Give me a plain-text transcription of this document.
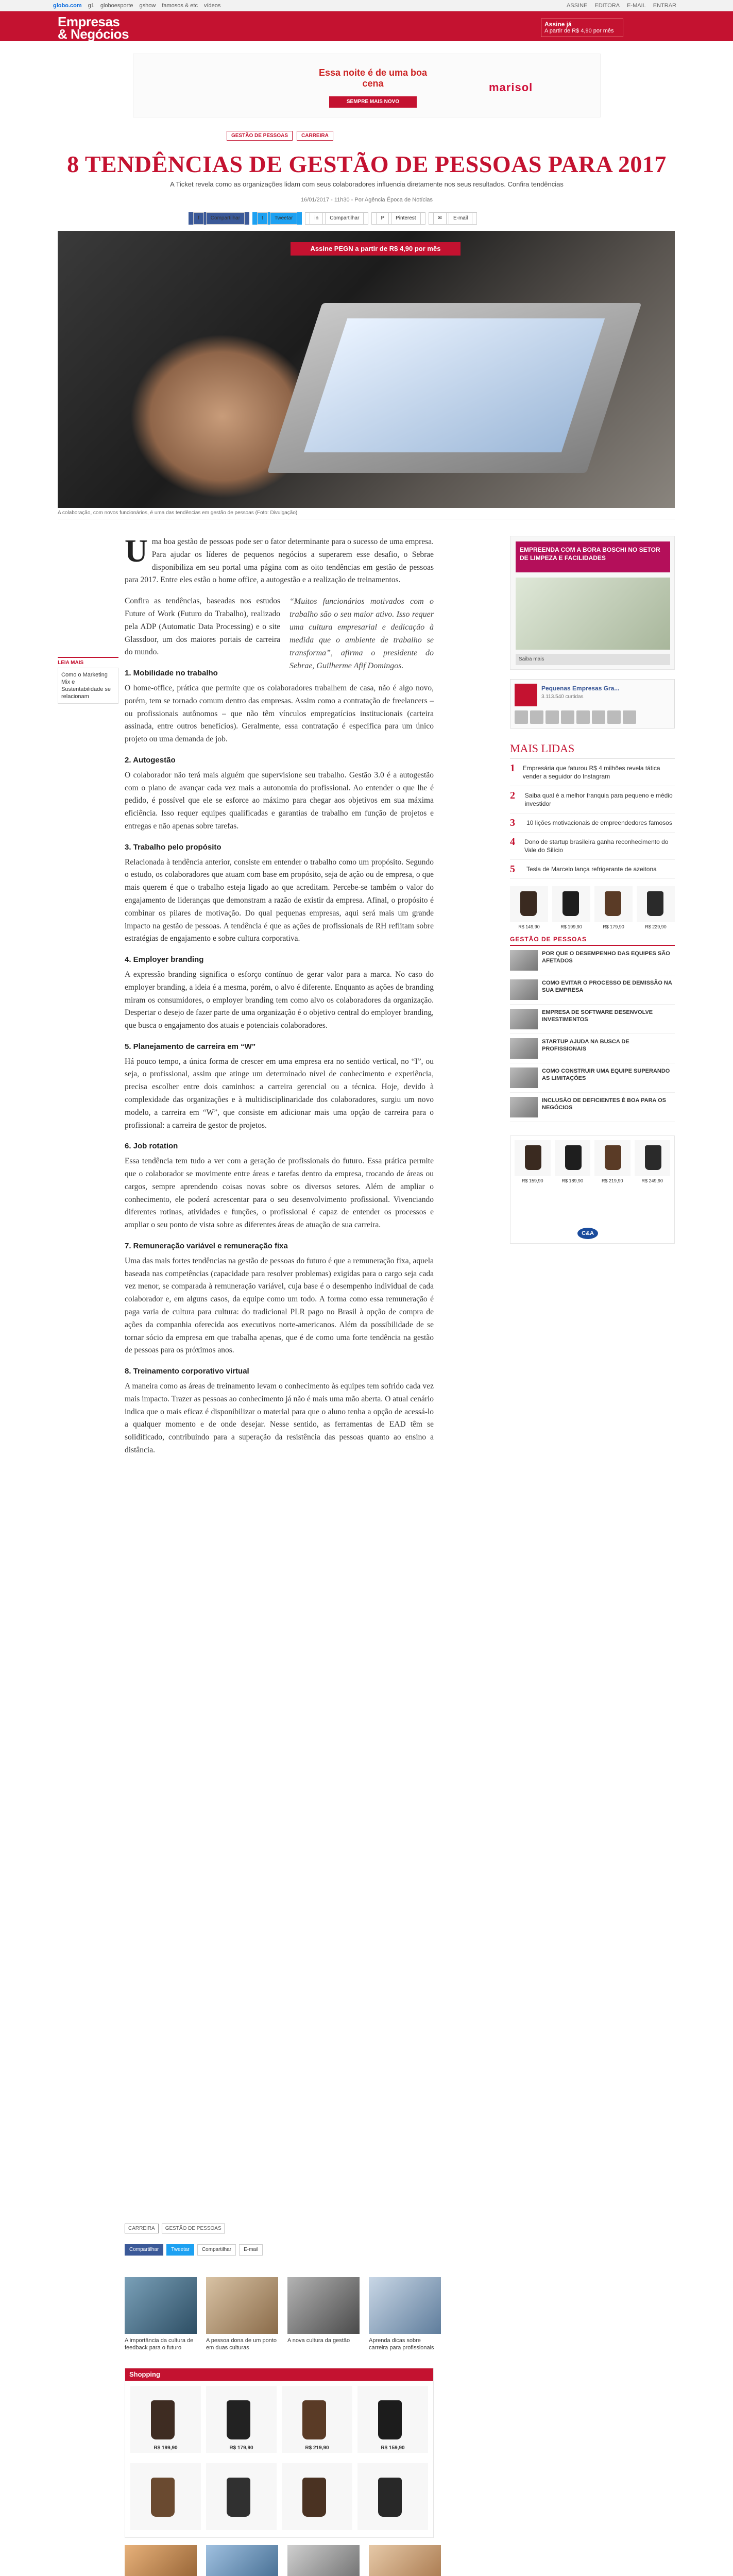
globo.com g1 globoesporte gshow famosos & etc vídeos	ASSINE EDITORA E-MAIL ENTRAR
Empresas
& Negócios
Assine já
A partir de R$ 4,90 por mês
Essa noite é de uma boa cena
SEMPRE MAIS NOVO
marisol
GESTÃO DE PESSOAS	CARREIRA
8 TENDÊNCIAS DE GESTÃO DE PESSOAS PARA 2017
A Ticket revela como as organizações lidam com seus colaboradores influencia diretamente nos seus resultados. Confira tendências
16/01/2017 - 11h30 - Por Agência Época de Notícias
f	Compartilhar	t	Tweetar	in	Compartilhar	P	Pinterest	✉	E-mail
Assine PEGN a partir de R$ 4,90 por mês
A colaboração, com novos funcionários, é uma das tendências em gestão de pessoas (Foto: Divulgação)
LEIA MAIS
Como o Marketing Mix e Sustentabilidade se relacionam

Uma boa gestão de pessoas pode ser o fator determinante para o sucesso de uma empresa. Para ajudar os líderes de pequenos negócios a superarem esse desafio, o Sebrae disponibiliza em seu portal uma página com as oito tendências em gestão de pessoas para 2017. Entre eles estão o home office, a autogestão e a realização de treinamentos.

“Muitos funcionários motivados com o trabalho são o seu maior ativo. Isso requer uma cultura empresarial e dedicação à medida que o ambiente de trabalho se transforma”, afirma o presidente do Sebrae, Guilherme Afif Domingos.

Confira as tendências, baseadas nos estudos Future of Work (Futuro do Trabalho), realizado pela ADP (Automatic Data Processing) e o site Glassdoor, um dos maiores portais de carreira do mundo.

1. Mobilidade no trabalho

O home-office, prática que permite que os colaboradores trabalhem de casa, não é algo novo, porém, tem se tornado comum dentro das empresas. Assim como a contratação de freelancers – ou profissionais autônomos – que não têm vínculos empregatícios institucionais (carteira assinada, entre outros benefícios). Geralmente, essa contratação é específica para um único projeto ou uma demanda de job.

2. Autogestão

O colaborador não terá mais alguém que supervisione seu trabalho. Gestão 3.0 é a autogestão com o plano de avançar cada vez mais a autonomia do profissional. Ao entender o que lhe é pedido, é possível que ele se esforce ao máximo para chegar aos objetivos em sua máxima eficiência. Isso requer equipes qualificadas e garantias de trabalho em função de projetos e entregas e não apenas sobre tarefas.

3. Trabalho pelo propósito

Relacionada à tendência anterior, consiste em entender o trabalho como um propósito. Segundo o estudo, os colaboradores que atuam com base em propósito, seja de ação ou de empresa, o que mais querem é que o trabalho esteja ligado ao que acreditam. Percebe-se também o valor do engajamento de lideranças que demonstram a razão de existir da empresa. Afinal, o propósito é combinar os pilares de motivação. Do qual pequenas empresas, aqui será mais um grande impacto na gestão de pessoas. A tendência é que as ações de profissionais de RH reflitam sobre estratégias de engajamento e sobre cultura corporativa.

4. Employer branding

A expressão branding significa o esforço contínuo de gerar valor para a marca. No caso do employer branding, a ideia é a mesma, porém, o alvo é diferente. Enquanto as ações de branding miram os consumidores, o employer branding tem como alvo os colaboradores da organização. Despertar o desejo de fazer parte de uma organização é o objetivo central do employer branding, que busca o engajamento dos atuais e potenciais colaboradores.

5. Planejamento de carreira em “W”

Há pouco tempo, a única forma de crescer em uma empresa era no sentido vertical, no “I”, ou seja, o profissional, assim que atinge um determinado nível de conhecimento e experiência, precisa escolher entre dois caminhos: a carreira gerencial ou a técnica. Hoje, devido à complexidade das organizações e à multidisciplinaridade dos colaboradores, surgiu um novo modelo, a carreira em “W”, que consiste em adicionar mais uma opção de carreira para o profissional: a carreira de gestor de projetos.

6. Job rotation

Essa tendência tem tudo a ver com a geração de profissionais do futuro. Essa prática permite que o colaborador se movimente entre áreas e tarefas dentro da empresa, trocando de áreas ou cargos, sempre aprendendo coisas novas sobre os diversos setores. Além de ampliar o conhecimento, ele poderá acrescentar para o seu desenvolvimento profissional. Vivenciando diferentes rotinas, atividades e funções, o profissional é capaz de entender os processos e ampliar o seu ponto de vista sobre as diferentes áreas de atuação de sua carreira.

7. Remuneração variável e remuneração fixa

Uma das mais fortes tendências na gestão de pessoas do futuro é que a remuneração fixa, aquela baseada nas competências (capacidade para resolver problemas) exigidas para o cargo seja cada vez menor, se comparada à remuneração variável, cuja base é o desempenho individual de cada colaborador e, em alguns casos, da equipe como um todo. A forma como essa remuneração é paga varia de cultura para cultura: do tradicional PLR pago no Brasil à opção de compra de ações da companhia oferecida aos executivos norte-americanos. Além da possibilidade de se tornar sócio da empresa em que trabalha apenas, que é de como uma forte tendência na gestão de pessoas para os próximos anos.

8. Treinamento corporativo virtual

A maneira como as áreas de treinamento levam o conhecimento às equipes tem sofrido cada vez mais impacto. Trazer as pessoas ao conhecimento já não é mais uma mão aberta. O atual cenário indica que o mais eficaz é disponibilizar o material para que o aluno tenha a opção de acessá-lo a qualquer momento e de onde desejar. Nesse sentido, as ferramentas de EAD têm se solidificado, contribuindo para a superação da resistência das pessoas quanto ao ensino a distância.

CARREIRA	GESTÃO DE PESSOAS
Compartilhar	Tweetar	Compartilhar	E-mail
A importância da cultura de feedback para o futuro
A pessoa dona de um ponto em duas culturas
A nova cultura da gestão	Aprenda dicas sobre carreira para profissionais
Shopping
R$ 199,90	R$ 179,90	R$ 219,90	R$ 159,90
EMPREENDA COM A BORA BOSCHI NO SETOR DE LIMPEZA E FACILIDADES
Saiba mais
Pequenas Empresas Gra...
3.113.540 curtidas
MAIS LIDAS
1	Empresária que faturou R$ 4 milhões revela tática vender a seguidor do Instagram
2	Saiba qual é a melhor franquia para pequeno e médio investidor
3	10 lições motivacionais de empreendedores famosos
4	Dono de startup brasileira ganha reconhecimento do Vale do Silício
5	Tesla de Marcelo lança refrigerante de azeitona
R$ 149,90	R$ 199,90	R$ 179,90	R$ 229,90
GESTÃO DE PESSOAS
POR QUE O DESEMPENHO DAS EQUIPES SÃO AFETADOS
COMO EVITAR O PROCESSO DE DEMISSÃO NA SUA EMPRESA
EMPRESA DE SOFTWARE DESENVOLVE INVESTIMENTOS
STARTUP AJUDA NA BUSCA DE PROFISSIONAIS
COMO CONSTRUIR UMA EQUIPE SUPERANDO AS LIMITAÇÕES
INCLUSÃO DE DEFICIENTES É BOA PARA OS NEGÓCIOS
R$ 159,90	R$ 189,90	R$ 219,90	R$ 249,90
C&A
